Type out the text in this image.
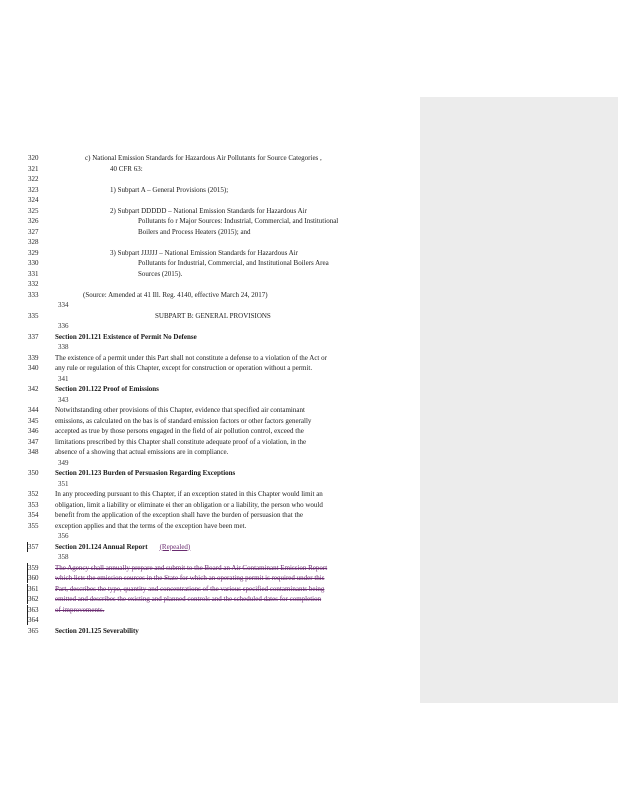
320	c) National Emission Standards for Hazardous Air Pollutants for Source Categories ,
321	40 CFR 63:
322
323	1) Subpart A – General Provisions (2015);
324
325	2) Subpart DDDDD – National Emission Standards for Hazardous Air
326	Pollutants fo r Major Sources: Industrial, Commercial, and Institutional
327	Boilers and Process Heaters (2015); and
328
329	3) Subpart JJJJJJ – National Emission Standards for Hazardous Air
330	Pollutants for Industrial, Commercial, and Institutional Boilers Area
331	Sources (2015).
332
333	(Source: Amended at 41 Ill. Reg. 4140, effective March 24, 2017)
334
335	SUBPART B: GENERAL PROVISIONS
336
337 Section 201.121 Existence of Permit No Defense
338
339 The existence of a permit under this Part shall not constitute a defense to a violation of the Act or
340 any rule or regulation of this Chapter, except for construction or operation without a permit.
341
342 Section 201.122 Proof of Emissions
343
344 Notwithstanding other provisions of this Chapter, evidence that specified air contaminant
345 emissions, as calculated on the bas is of standard emission factors or other factors generally
346 accepted as true by those persons engaged in the field of air pollution control, exceed the
347 limitations prescribed by this Chapter shall constitute adequate proof of a violation, in the
348 absence of a showing that actual emissions are in compliance.
349
350 Section 201.123 Burden of Persuasion Regarding Exceptions
351
352 In any proceeding pursuant to this Chapter, if an exception stated in this Chapter would limit an
353 obligation, limit a liability or eliminate ei ther an obligation or a liability, the person who would
354 benefit from the application of the exception shall have the burden of persuasion that the
355 exception applies and that the terms of the exception have been met.
356
357 Section 201.124 Annual Report (Repealed)
358
359 The Agency shall annually prepare and submit to the Board an Air Contaminant Emission Report
360 which lists the emission sources in the State for which an operating permit is required under this
361 Part, describes the type, quantity and concentrations of the various specified contaminants being
362 emitted and describes the existing and planned controls and the scheduled dates for completion
363 of improvements.
364
365 Section 201.125 Severability
